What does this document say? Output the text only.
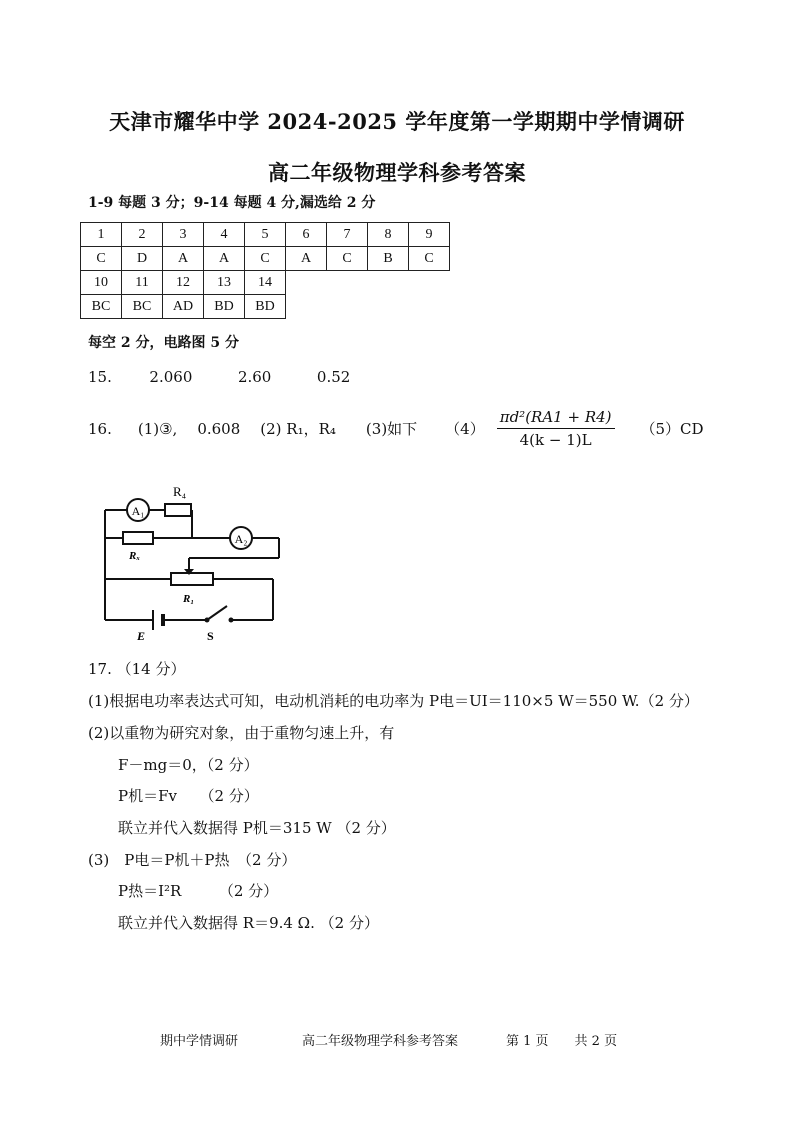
天津市耀华中学 2024-2025 学年度第一学期期中学情调研
高二年级物理学科参考答案
1-9 每题 3 分；9-14 每题 4 分,漏选给 2 分
1	2	3	4	5	6	7	8	9
C	D	A	A	C	A	C	B	C
10	11	12	13	14
BC	BC	AD	BD	BD
每空 2 分，电路图 5 分
15.	2.060	2.60	0.52
16. (1)③, 0.608 (2) R₁，R₄ (3)如下 $(4) \frac{\text{πd²(RA1 + R4)}}{4(k - 1)L} (5)CD$
A₁
R₄
Rₓ
A₂
R₁
E	S
17. （14 分）
(1)根据电功率表达式可知，电动机消耗的电功率为 P电＝UI＝110×5 W＝550 W.（2 分）
(2)以重物为研究对象，由于重物匀速上升，有
F－mg＝0，（2 分）
P机＝Fv　　（2 分）
联立并代入数据得 P机＝315 W （2 分）
(3)　P电＝P机＋P热　（2 分）
P热＝I²R　　　（2 分）
联立并代入数据得 R＝9.4 Ω. （2 分）
期中学情调研	高二年级物理学科参考答案	第 1 页　　共 2 页
